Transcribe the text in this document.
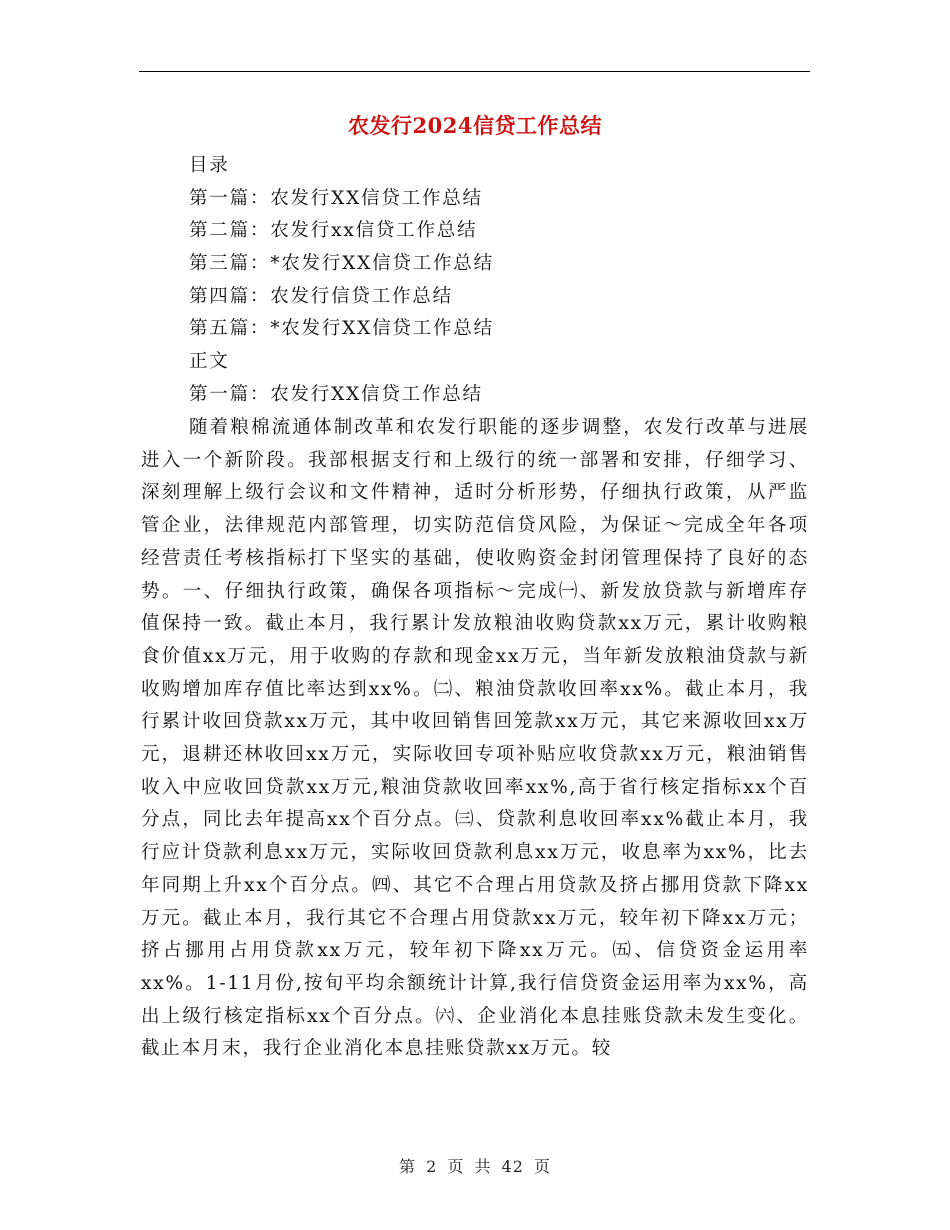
农发行2024信贷工作总结
目录
第一篇：农发行XX信贷工作总结
第二篇：农发行xx信贷工作总结
第三篇：*农发行XX信贷工作总结
第四篇：农发行信贷工作总结
第五篇：*农发行XX信贷工作总结
正文
第一篇：农发行XX信贷工作总结
随着粮棉流通体制改革和农发行职能的逐步调整，农发行改革与进展进入一个新阶段。我部根据支行和上级行的统一部署和安排，仔细学习、深刻理解上级行会议和文件精神，适时分析形势，仔细执行政策，从严监管企业，法律规范内部管理，切实防范信贷风险，为保证～完成全年各项经营责任考核指标打下坚实的基础，使收购资金封闭管理保持了良好的态势。一、仔细执行政策，确保各项指标～完成㈠、新发放贷款与新增库存值保持一致。截止本月，我行累计发放粮油收购贷款xx万元，累计收购粮食价值xx万元，用于收购的存款和现金xx万元，当年新发放粮油贷款与新收购增加库存值比率达到xx%。㈡、粮油贷款收回率xx%。截止本月，我行累计收回贷款xx万元，其中收回销售回笼款xx万元，其它来源收回xx万元，退耕还林收回xx万元，实际收回专项补贴应收贷款xx万元，粮油销售收入中应收回贷款xx万元,粮油贷款收回率xx%,高于省行核定指标xx个百分点，同比去年提高xx个百分点。㈢、贷款利息收回率xx%截止本月，我行应计贷款利息xx万元，实际收回贷款利息xx万元，收息率为xx%，比去年同期上升xx个百分点。㈣、其它不合理占用贷款及挤占挪用贷款下降xx万元。截止本月，我行其它不合理占用贷款xx万元，较年初下降xx万元；挤占挪用占用贷款xx万元，较年初下降xx万元。㈤、信贷资金运用率xx%。1-11月份,按旬平均余额统计计算,我行信贷资金运用率为xx%，高出上级行核定指标xx个百分点。㈥、企业消化本息挂账贷款未发生变化。截止本月末，我行企业消化本息挂账贷款xx万元。较
第 2 页 共 42 页
